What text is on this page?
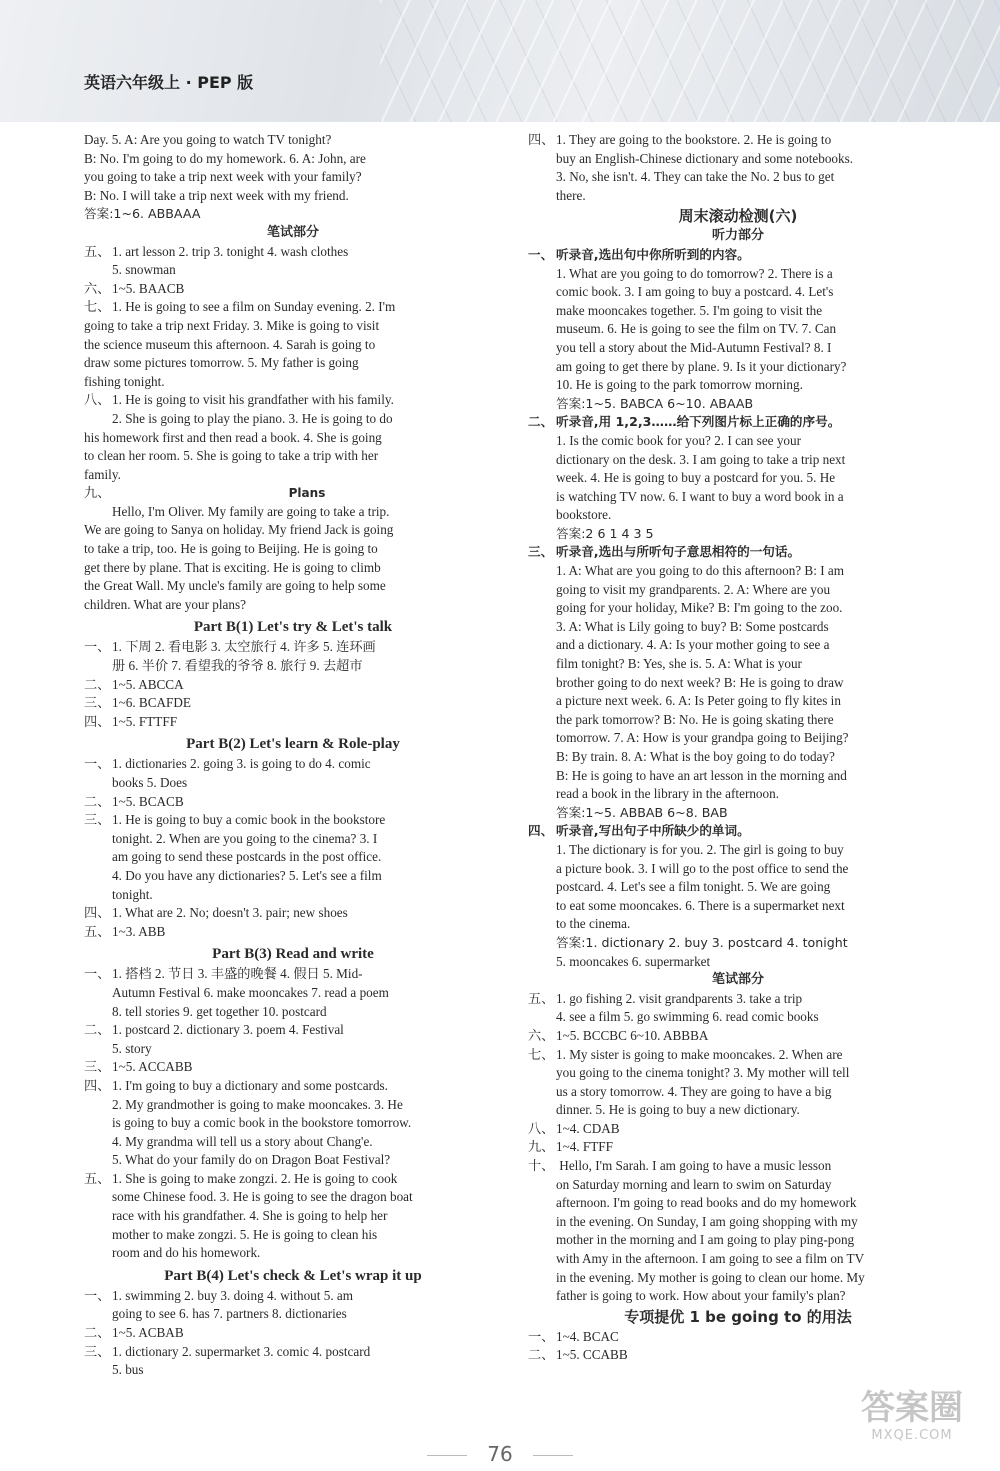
英语六年级上 · PEP 版
Day. 5. A: Are you going to watch TV tonight?
B: No. I'm going to do my homework. 6. A: John, are
you going to take a trip next week with your family?
B: No. I will take a trip next week with my friend.
答案:1~6. ABBAAA
笔试部分
五、 1. art lesson 2. trip 3. tonight 4. wash clothes
5. snowman
六、 1~5. BAACB
七、 1. He is going to see a film on Sunday evening. 2. I'm
going to take a trip next Friday. 3. Mike is going to visit
the science museum this afternoon. 4. Sarah is going to
draw some pictures tomorrow. 5. My father is going
fishing tonight.
八、 1. He is going to visit his grandfather with his family.
2. She is going to play the piano. 3. He is going to do
his homework first and then read a book. 4. She is going
to clean her room. 5. She is going to take a trip with her
family.
九、	Plans
Hello, I'm Oliver. My family are going to take a trip.
We are going to Sanya on holiday. My friend Jack is going
to take a trip, too. He is going to Beijing. He is going to
get there by plane. That is exciting. He is going to climb
the Great Wall. My uncle's family are going to help some
children. What are your plans?
Part B(1) Let's try & Let's talk
一、 1. 下周 2. 看电影 3. 太空旅行 4. 许多 5. 连环画
册 6. 半价 7. 看望我的爷爷 8. 旅行 9. 去超市
二、 1~5. ABCCA
三、 1~6. BCAFDE
四、 1~5. FTTFF
Part B(2) Let's learn & Role-play
一、 1. dictionaries 2. going 3. is going to do 4. comic
books 5. Does
二、 1~5. BCACB
三、 1. He is going to buy a comic book in the bookstore
tonight. 2. When are you going to the cinema? 3. I
am going to send these postcards in the post office.
4. Do you have any dictionaries? 5. Let's see a film
tonight.
四、 1. What are 2. No; doesn't 3. pair; new shoes
五、 1~3. ABB
Part B(3) Read and write
一、 1. 搭档 2. 节日 3. 丰盛的晚餐 4. 假日 5. Mid-
Autumn Festival 6. make mooncakes 7. read a poem
8. tell stories 9. get together 10. postcard
二、 1. postcard 2. dictionary 3. poem 4. Festival
5. story
三、 1~5. ACCABB
四、 1. I'm going to buy a dictionary and some postcards.
2. My grandmother is going to make mooncakes. 3. He
is going to buy a comic book in the bookstore tomorrow.
4. My grandma will tell us a story about Chang'e.
5. What do your family do on Dragon Boat Festival?
五、 1. She is going to make zongzi. 2. He is going to cook
some Chinese food. 3. He is going to see the dragon boat
race with his grandfather. 4. She is going to help her
mother to make zongzi. 5. He is going to clean his
room and do his homework.
Part B(4) Let's check & Let's wrap it up
一、 1. swimming 2. buy 3. doing 4. without 5. am
going to see 6. has 7. partners 8. dictionaries
二、 1~5. ACBAB
三、 1. dictionary 2. supermarket 3. comic 4. postcard
5. bus
四、 1. They are going to the bookstore. 2. He is going to
buy an English-Chinese dictionary and some notebooks.
3. No, she isn't. 4. They can take the No. 2 bus to get
there.
周末滚动检测(六)
听力部分
一、 听录音,选出句中你所听到的内容。
1. What are you going to do tomorrow? 2. There is a
comic book. 3. I am going to buy a postcard. 4. Let's
make mooncakes together. 5. I'm going to visit the
museum. 6. He is going to see the film on TV. 7. Can
you tell a story about the Mid-Autumn Festival? 8. I
am going to get there by plane. 9. Is it your dictionary?
10. He is going to the park tomorrow morning.
答案:1~5. BABCA 6~10. ABAAB
二、 听录音,用 1,2,3……给下列图片标上正确的序号。
1. Is the comic book for you? 2. I can see your
dictionary on the desk. 3. I am going to take a trip next
week. 4. He is going to buy a postcard for you. 5. He
is watching TV now. 6. I want to buy a word book in a
bookstore.
答案:2 6 1 4 3 5
三、 听录音,选出与所听句子意思相符的一句话。
1. A: What are you going to do this afternoon? B: I am
going to visit my grandparents. 2. A: Where are you
going for your holiday, Mike? B: I'm going to the zoo.
3. A: What is Lily going to buy? B: Some postcards
and a dictionary. 4. A: Is your mother going to see a
film tonight? B: Yes, she is. 5. A: What is your
brother going to do next week? B: He is going to draw
a picture next week. 6. A: Is Peter going to fly kites in
the park tomorrow? B: No. He is going skating there
tomorrow. 7. A: How is your grandpa going to Beijing?
B: By train. 8. A: What is the boy going to do today?
B: He is going to have an art lesson in the morning and
read a book in the library in the afternoon.
答案:1~5. ABBAB 6~8. BAB
四、 听录音,写出句子中所缺少的单词。
1. The dictionary is for you. 2. The girl is going to buy
a picture book. 3. I will go to the post office to send the
postcard. 4. Let's see a film tonight. 5. We are going
to eat some mooncakes. 6. There is a supermarket next
to the cinema.
答案:1. dictionary 2. buy 3. postcard 4. tonight
5. mooncakes 6. supermarket
笔试部分
五、 1. go fishing 2. visit grandparents 3. take a trip
4. see a film 5. go swimming 6. read comic books
六、 1~5. BCCBC 6~10. ABBBA
七、 1. My sister is going to make mooncakes. 2. When are
you going to the cinema tonight? 3. My mother will tell
us a story tomorrow. 4. They are going to have a big
dinner. 5. He is going to buy a new dictionary.
八、 1~4. CDAB
九、 1~4. FTFF
十、 Hello, I'm Sarah. I am going to have a music lesson
on Saturday morning and learn to swim on Saturday
afternoon. I'm going to read books and do my homework
in the evening. On Sunday, I am going shopping with my
mother in the morning and I am going to play ping-pong
with Amy in the afternoon. I am going to see a film on TV
in the evening. My mother is going to clean our home. My
father is going to work. How about your family's plan?
专项提优 1 be going to 的用法
一、 1~4. BCAC
二、 1~5. CCABB
76
答案圈
MXQE.COM
